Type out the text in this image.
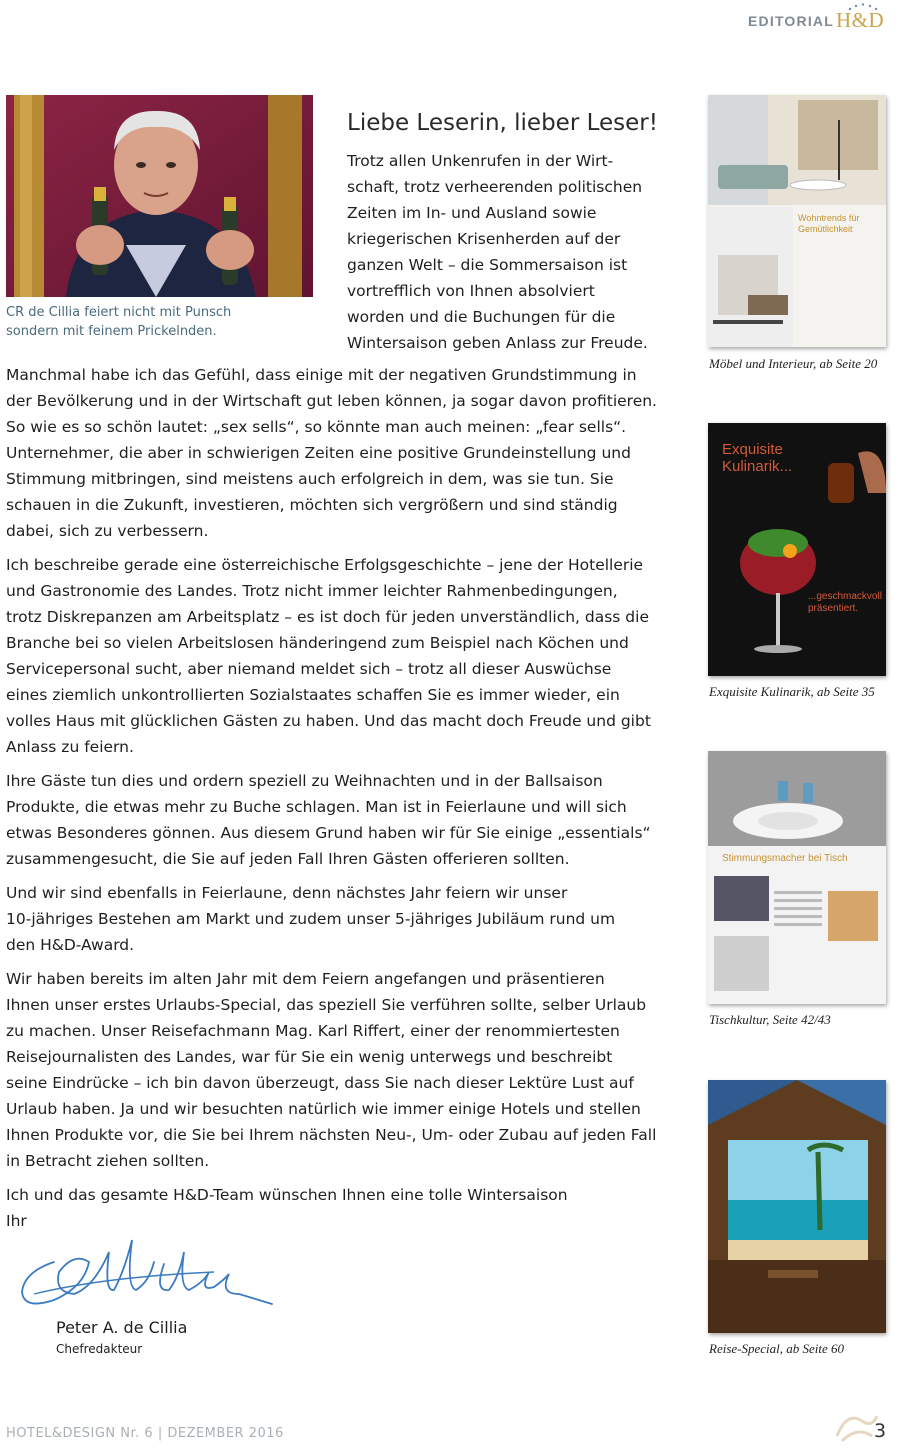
EDITORIAL H&D
CR de Cillia feiert nicht mit Punsch
sondern mit feinem Prickelnden.
Liebe Leserin, lieber Leser!
Trotz allen Unkenrufen in der Wirt-
schaft, trotz verheerenden politischen
Zeiten im In- und Ausland sowie
kriegerischen Krisenherden auf der
ganzen Welt – die Sommersaison ist
vortrefflich von Ihnen absolviert
worden und die Buchungen für die
Wintersaison geben Anlass zur Freude.
Manchmal habe ich das Gefühl, dass einige mit der negativen Grundstimmung in
der Bevölkerung und in der Wirtschaft gut leben können, ja sogar davon profitieren.
So wie es so schön lautet: „sex sells“, so könnte man auch meinen: „fear sells“.
Unternehmer, die aber in schwierigen Zeiten eine positive Grundeinstellung und
Stimmung mitbringen, sind meistens auch erfolgreich in dem, was sie tun. Sie
schauen in die Zukunft, investieren, möchten sich vergrößern und sind ständig
dabei, sich zu verbessern.
Ich beschreibe gerade eine österreichische Erfolgsgeschichte – jene der Hotellerie
und Gastronomie des Landes. Trotz nicht immer leichter Rahmenbedingungen,
trotz Diskrepanzen am Arbeitsplatz – es ist doch für jeden unverständlich, dass die
Branche bei so vielen Arbeitslosen händeringend zum Beispiel nach Köchen und
Servicepersonal sucht, aber niemand meldet sich – trotz all dieser Auswüchse
eines ziemlich unkontrollierten Sozialstaates schaffen Sie es immer wieder, ein
volles Haus mit glücklichen Gästen zu haben. Und das macht doch Freude und gibt
Anlass zu feiern.
Ihre Gäste tun dies und ordern speziell zu Weihnachten und in der Ballsaison
Produkte, die etwas mehr zu Buche schlagen. Man ist in Feierlaune und will sich
etwas Besonderes gönnen. Aus diesem Grund haben wir für Sie einige „essentials“
zusammengesucht, die Sie auf jeden Fall Ihren Gästen offerieren sollten.
Und wir sind ebenfalls in Feierlaune, denn nächstes Jahr feiern wir unser
10-jähriges Bestehen am Markt und zudem unser 5-jähriges Jubiläum rund um
den H&D-Award.
Wir haben bereits im alten Jahr mit dem Feiern angefangen und präsentieren
Ihnen unser erstes Urlaubs-Special, das speziell Sie verführen sollte, selber Urlaub
zu machen. Unser Reisefachmann Mag. Karl Riffert, einer der renommiertesten
Reisejournalisten des Landes, war für Sie ein wenig unterwegs und beschreibt
seine Eindrücke – ich bin davon überzeugt, dass Sie nach dieser Lektüre Lust auf
Urlaub haben. Ja und wir besuchten natürlich wie immer einige Hotels und stellen
Ihnen Produkte vor, die Sie bei Ihrem nächsten Neu-, Um- oder Zubau auf jeden Fall
in Betracht ziehen sollten.
Ich und das gesamte H&D-Team wünschen Ihnen eine tolle Wintersaison
Ihr
Peter A. de Cillia
Chefredakteur
Wohntrends für Gemütlichkeit
Möbel und Interieur, ab Seite 20
Exquisite Kulinarik...
...geschmackvoll präsentiert.
Exquisite Kulinarik, ab Seite 35
Stimmungsmacher bei Tisch
Tischkultur, Seite 42/43
Reise-Special, ab Seite 60
HOTEL&DESIGN Nr. 6 | DEZEMBER 2016	3
